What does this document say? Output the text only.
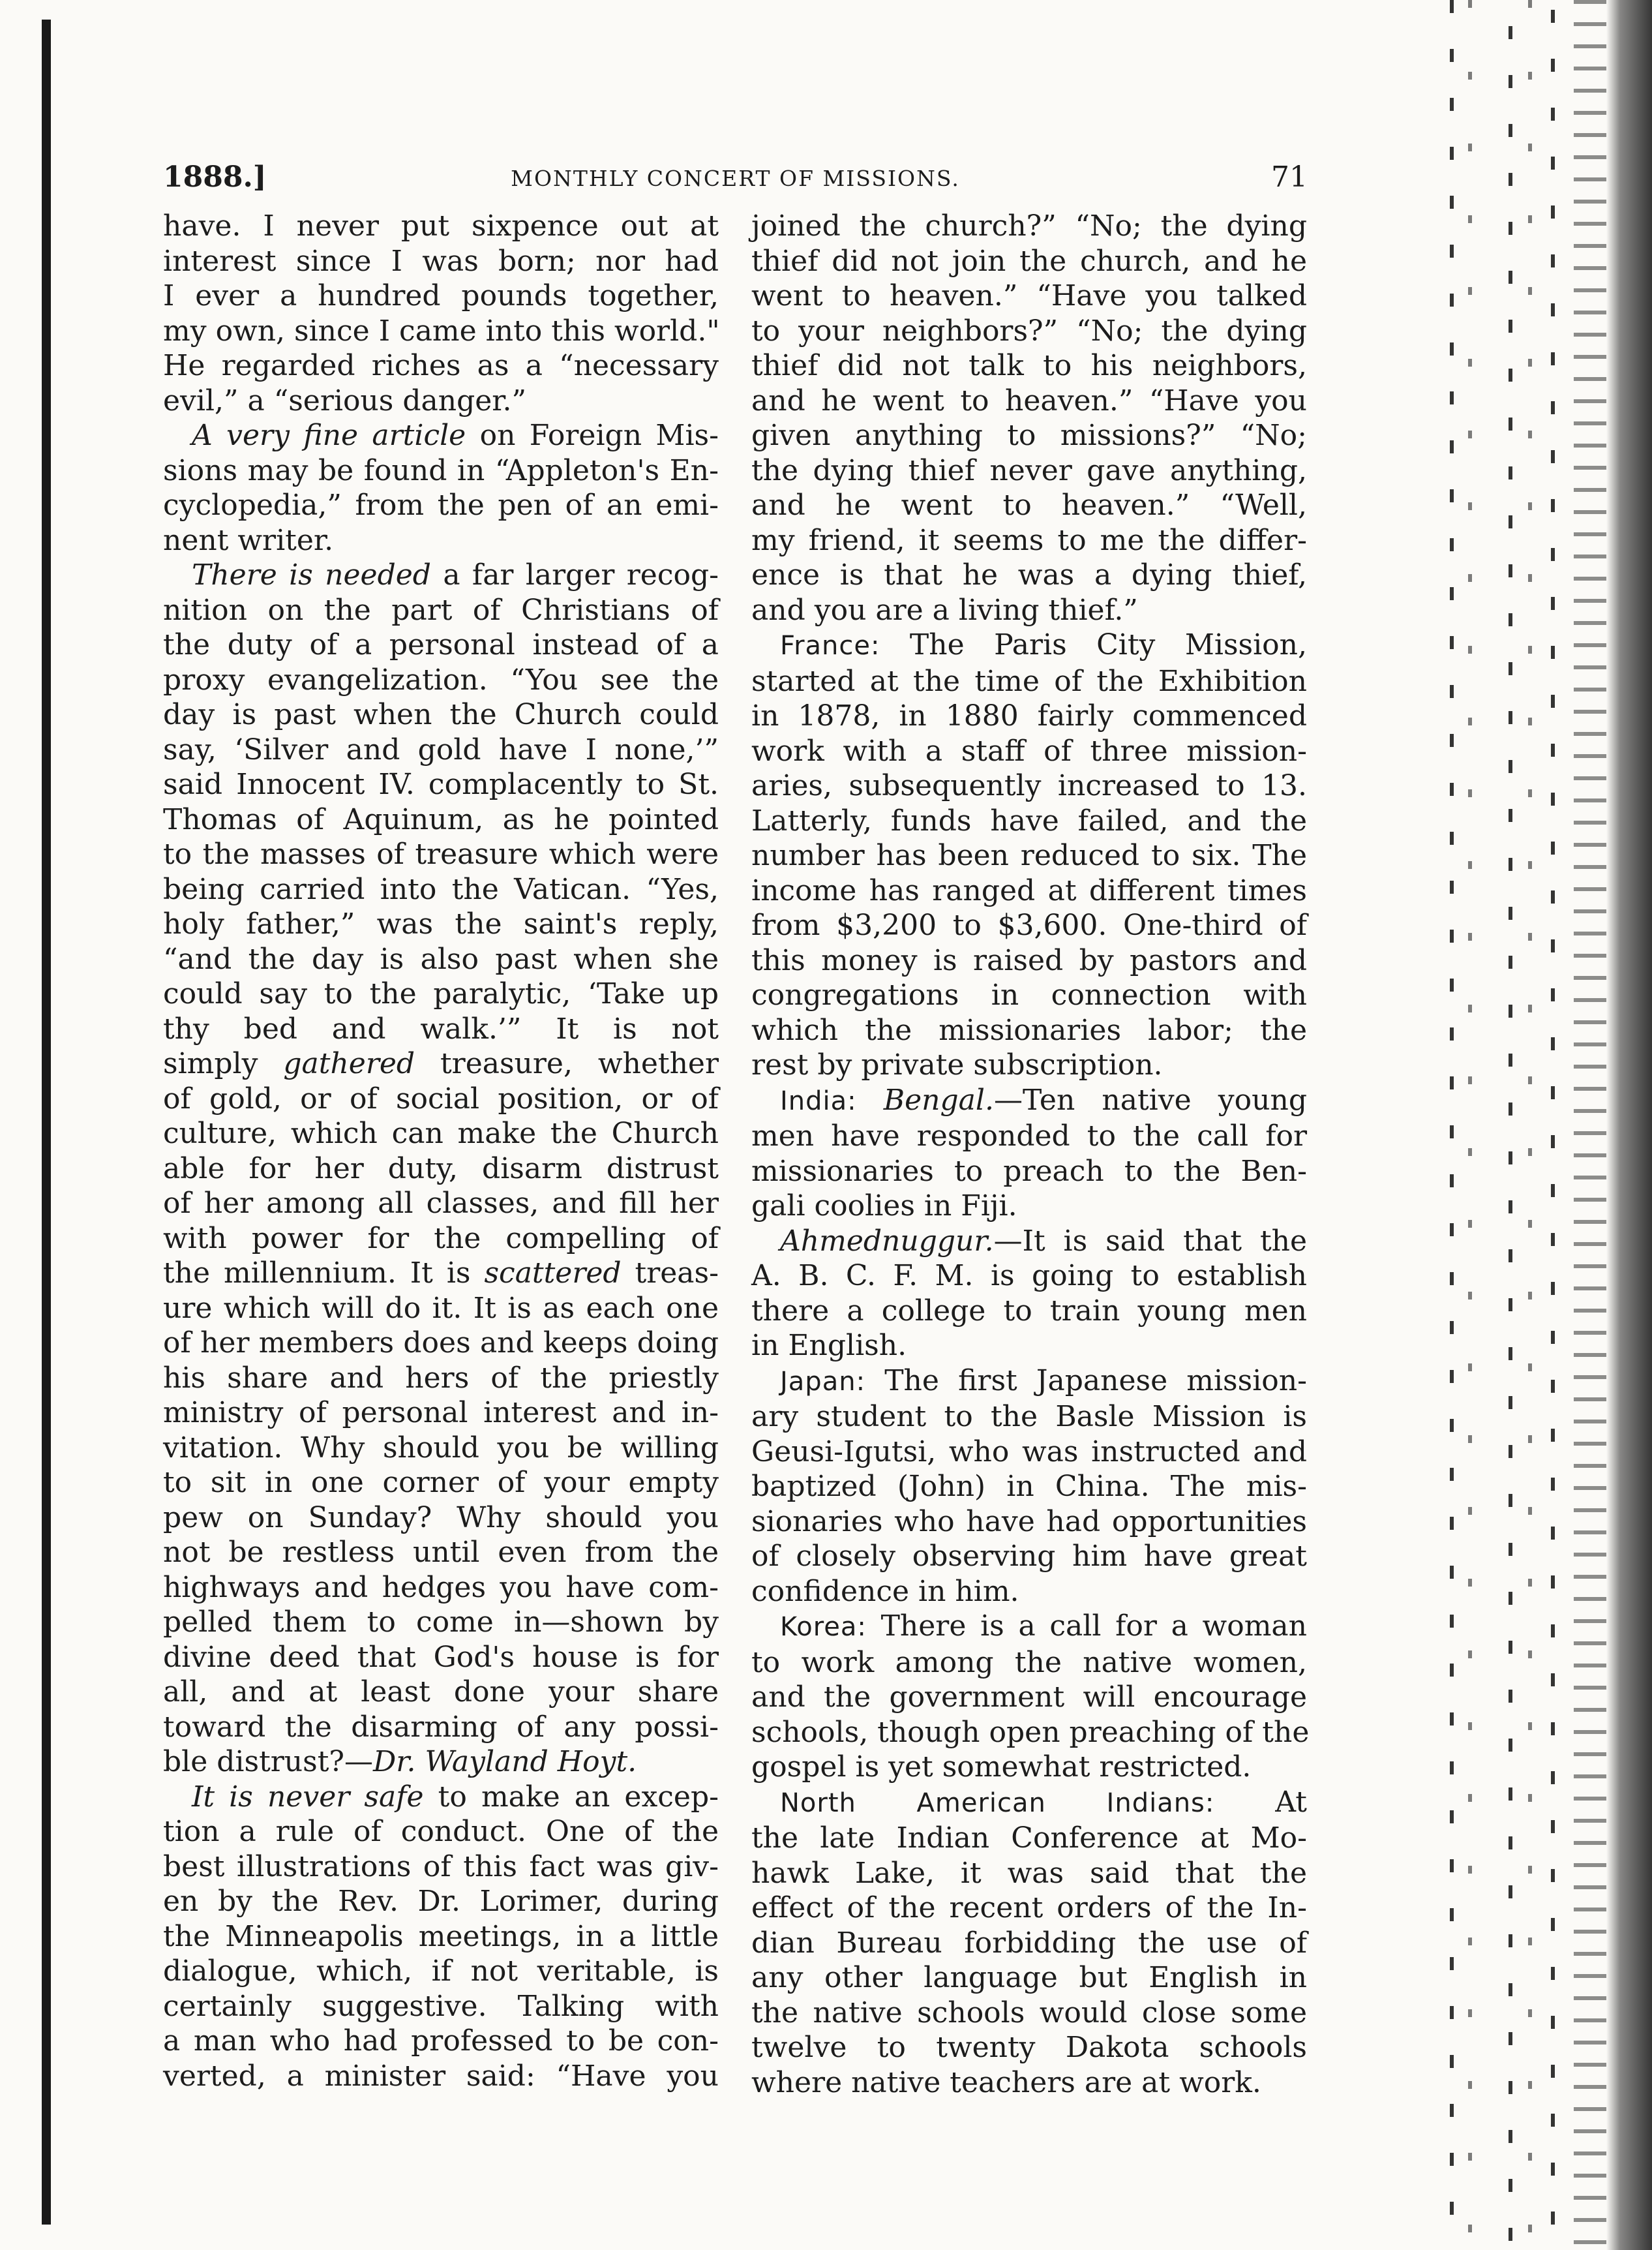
1888.]	MONTHLY CONCERT OF MISSIONS.	71
have. I never put sixpence out at
interest since I was born; nor had
I ever a hundred pounds together,
my own, since I came into this world."
He regarded riches as a “necessary
evil,” a “serious danger.”
A very fine article on Foreign Mis-
sions may be found in “Appleton's En-
cyclopedia,” from the pen of an emi-
nent writer.
There is needed a far larger recog-
nition on the part of Christians of
the duty of a personal instead of a
proxy evangelization. “You see the
day is past when the Church could
say, ‘Silver and gold have I none,’”
said Innocent IV. complacently to St.
Thomas of Aquinum, as he pointed
to the masses of treasure which were
being carried into the Vatican. “Yes,
holy father,” was the saint's reply,
“and the day is also past when she
could say to the paralytic, ‘Take up
thy bed and walk.’” It is not
simply gathered treasure, whether
of gold, or of social position, or of
culture, which can make the Church
able for her duty, disarm distrust
of her among all classes, and fill her
with power for the compelling of
the millennium. It is scattered treas-
ure which will do it. It is as each one
of her members does and keeps doing
his share and hers of the priestly
ministry of personal interest and in-
vitation. Why should you be willing
to sit in one corner of your empty
pew on Sunday? Why should you
not be restless until even from the
highways and hedges you have com-
pelled them to come in—shown by
divine deed that God's house is for
all, and at least done your share
toward the disarming of any possi-
ble distrust?—Dr. Wayland Hoyt.
It is never safe to make an excep-
tion a rule of conduct. One of the
best illustrations of this fact was giv-
en by the Rev. Dr. Lorimer, during
the Minneapolis meetings, in a little
dialogue, which, if not veritable, is
certainly suggestive. Talking with
a man who had professed to be con-
verted, a minister said: “Have you
joined the church?” “No; the dying
thief did not join the church, and he
went to heaven.” “Have you talked
to your neighbors?” “No; the dying
thief did not talk to his neighbors,
and he went to heaven.” “Have you
given anything to missions?” “No;
the dying thief never gave anything,
and he went to heaven.” “Well,
my friend, it seems to me the differ-
ence is that he was a dying thief,
and you are a living thief.”
France: The Paris City Mission,
started at the time of the Exhibition
in 1878, in 1880 fairly commenced
work with a staff of three mission-
aries, subsequently increased to 13.
Latterly, funds have failed, and the
number has been reduced to six. The
income has ranged at different times
from $3,200 to $3,600. One-third of
this money is raised by pastors and
congregations in connection with
which the missionaries labor; the
rest by private subscription.
India: Bengal.—Ten native young
men have responded to the call for
missionaries to preach to the Ben-
gali coolies in Fiji.
Ahmednuggur.—It is said that the
A. B. C. F. M. is going to establish
there a college to train young men
in English.
Japan: The first Japanese mission-
ary student to the Basle Mission is
Geusi-Igutsi, who was instructed and
baptized (John) in China. The mis-
sionaries who have had opportunities
of closely observing him have great
confidence in him.
Korea: There is a call for a woman
to work among the native women,
and the government will encourage
schools, though open preaching of the
gospel is yet somewhat restricted.
North American Indians: At
the late Indian Conference at Mo-
hawk Lake, it was said that the
effect of the recent orders of the In-
dian Bureau forbidding the use of
any other language but English in
the native schools would close some
twelve to twenty Dakota schools
where native teachers are at work.
